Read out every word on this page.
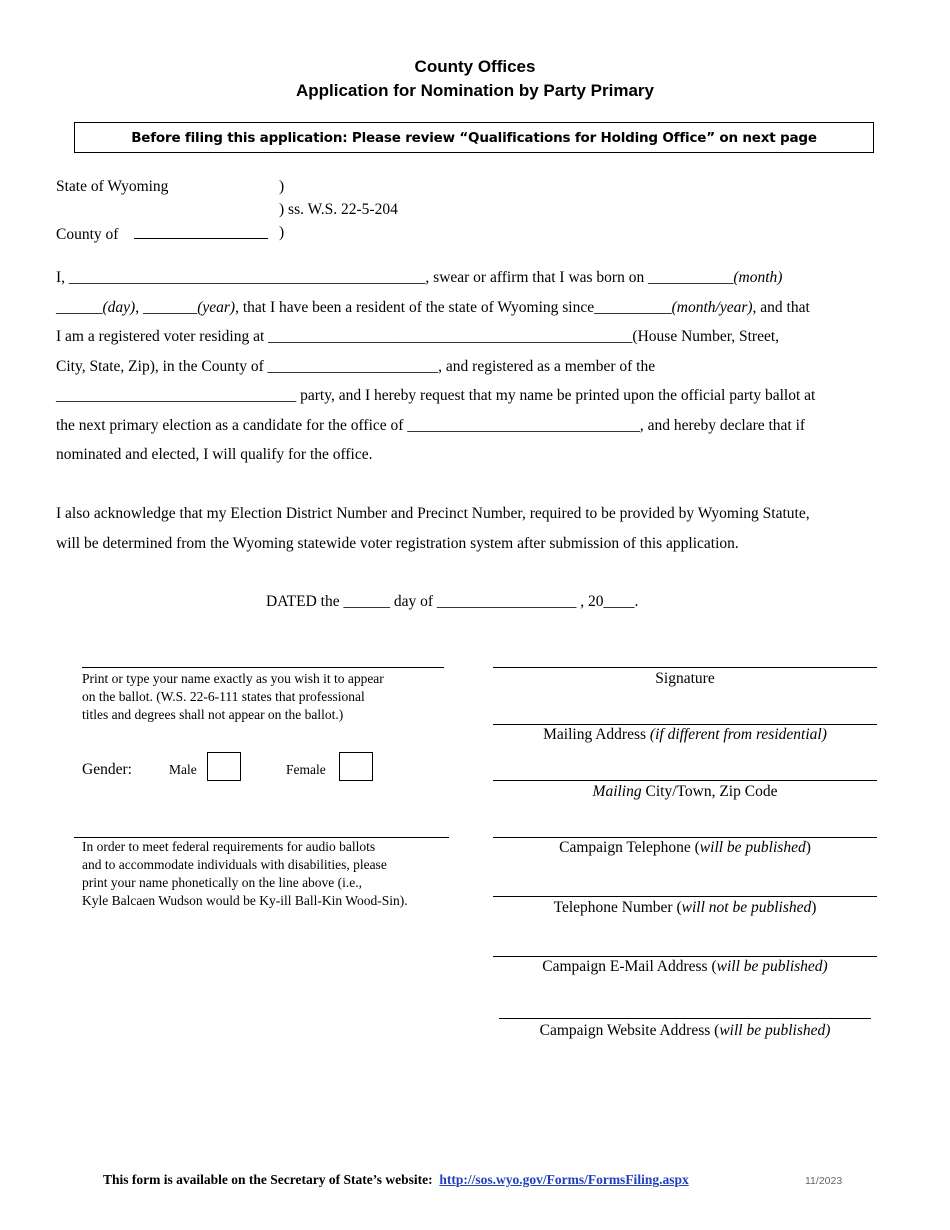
County Offices
Application for Nomination by Party Primary
Before filing this application: Please review “Qualifications for Holding Office” on next page
State of Wyoming	)
) ss. W.S. 22-5-204
County of	)
I, ______________________________________________, swear or affirm that I was born on ___________(month)
______(day), _______(year), that I have been a resident of the state of Wyoming since__________(month/year), and that
I am a registered voter residing at _______________________________________________(House Number, Street,
City, State, Zip), in the County of ______________________, and registered as a member of the
_______________________________ party, and I hereby request that my name be printed upon the official party ballot at
the next primary election as a candidate for the office of ______________________________, and hereby declare that if
nominated and elected, I will qualify for the office.
I also acknowledge that my Election District Number and Precinct Number, required to be provided by Wyoming Statute,
will be determined from the Wyoming statewide voter registration system after submission of this application.
DATED the ______ day of __________________ , 20____.
Print or type your name exactly as you wish it to appear
on the ballot. (W.S. 22-6-111 states that professional
titles and degrees shall not appear on the ballot.)
Gender:	Male	Female
In order to meet federal requirements for audio ballots
and to accommodate individuals with disabilities, please
print your name phonetically on the line above (i.e.,
Kyle Balcaen Wudson would be Ky-ill Ball-Kin Wood-Sin).
Signature
Mailing Address (if different from residential)
Mailing City/Town, Zip Code
Campaign Telephone (will be published)
Telephone Number (will not be published)
Campaign E-Mail Address (will be published)
Campaign Website Address (will be published)
This form is available on the Secretary of State’s website: http://sos.wyo.gov/Forms/FormsFiling.aspx	11/2023
